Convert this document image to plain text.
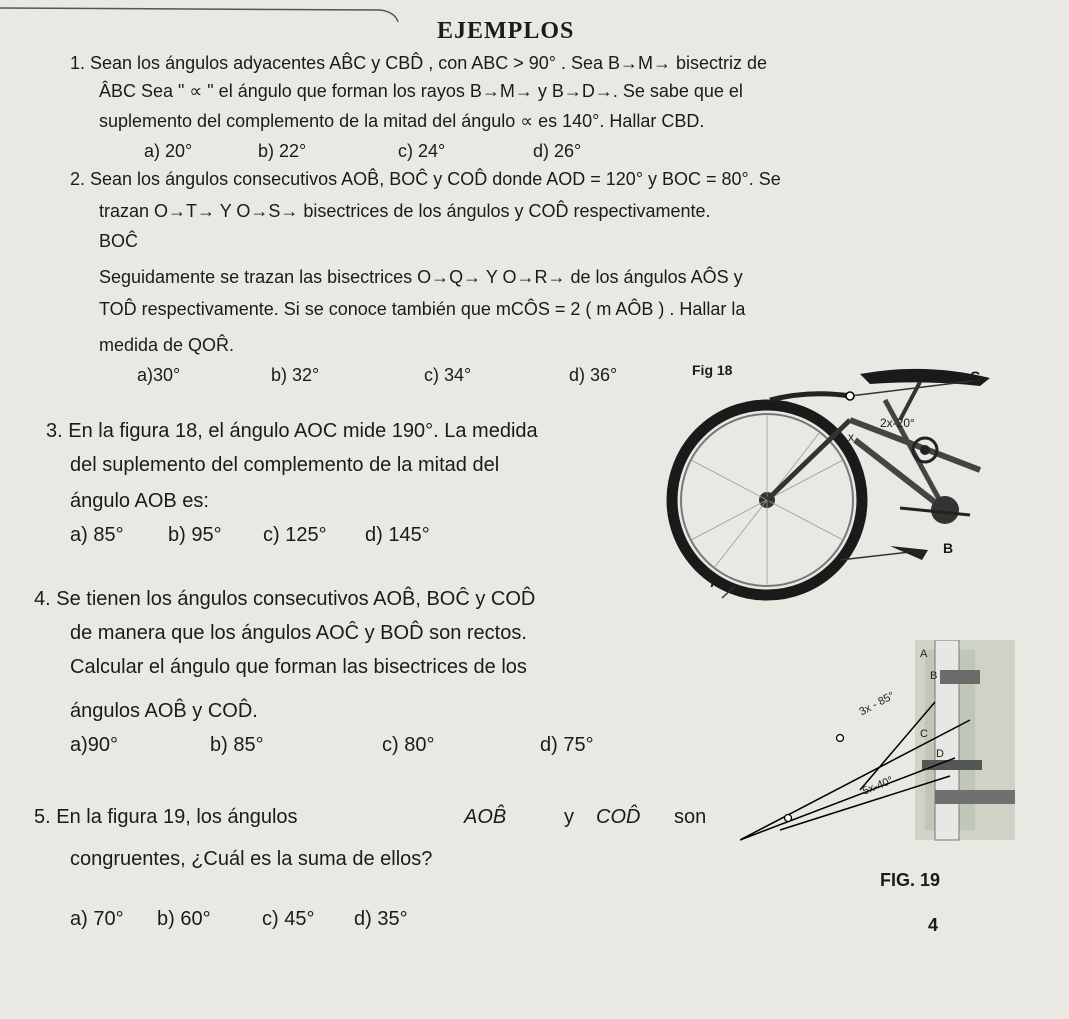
EJEMPLOS
1. Sean los ángulos adyacentes AB̂C y CBD̂ , con ABC > 90° . Sea B→M→ bisectriz de
ÂBC Sea " ∝ " el ángulo que forman los rayos B→M→ y B→D→. Se sabe que el
suplemento del complemento de la mitad del ángulo ∝ es 140°. Hallar CBD.
a) 20°	b) 22°	c) 24°	d) 26°
2. Sean los ángulos consecutivos AOB̂, BOĈ y COD̂ donde AOD = 120° y BOC = 80°. Se
trazan O→T→ Y O→S→ bisectrices de los ángulos y COD̂ respectivamente.
BOĈ
Seguidamente se trazan las bisectrices O→Q→ Y O→R→ de los ángulos AÔS y
TOD̂ respectivamente. Si se conoce también que mCÔS = 2 ( m AÔB ) . Hallar la
medida de QOR̂.
a)30°	b) 32°	c) 34°	d) 36°
3. En la figura 18, el ángulo AOC mide 190°. La medida
del suplemento del complemento de la mitad del
ángulo AOB es:
a) 85° b) 95° c) 125° d) 145°
4. Se tienen los ángulos consecutivos AOB̂, BOĈ y COD̂
de manera que los ángulos AOĈ y BOD̂ son rectos.
Calcular el ángulo que forman las bisectrices de los
ángulos AOB̂ y COD̂.
a)90°	b) 85°	c) 80°	d) 75°
5. En la figura 19, los ángulos	AOB̂	y COD̂ son
congruentes, ¿Cuál es la suma de ellos?
a) 70° b) 60°	c) 45° d) 35°	4
Fig 18	C
x
2x-20°
B
A
A
B
C
D
3x - 85°
5x-40°
FIG. 19
